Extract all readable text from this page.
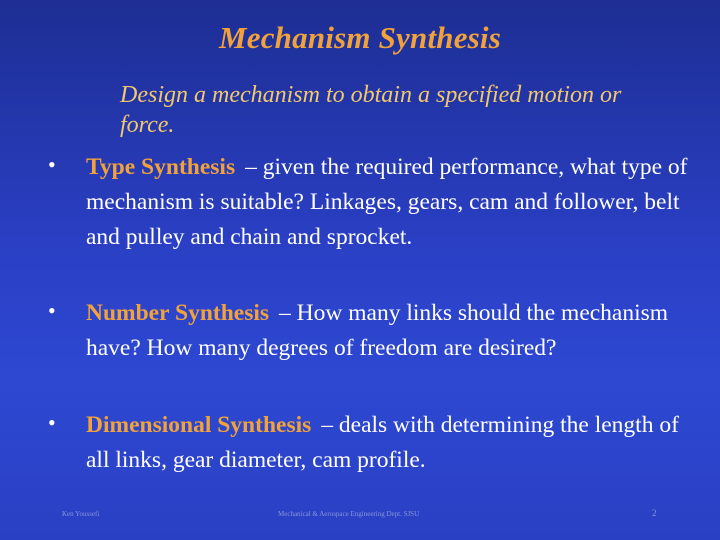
Mechanism Synthesis
Design a mechanism to obtain a specified motion or force.
• Type Synthesis – given the required performance, what type of mechanism is suitable? Linkages, gears, cam and follower, belt and pulley and chain and sprocket.
• Number Synthesis – How many links should the mechanism have? How many degrees of freedom are desired?
• Dimensional Synthesis – deals with determining the length of all links, gear diameter, cam profile.
Ken Youssefi	Mechanical & Aerospace Engineering Dept. SJSU	2
